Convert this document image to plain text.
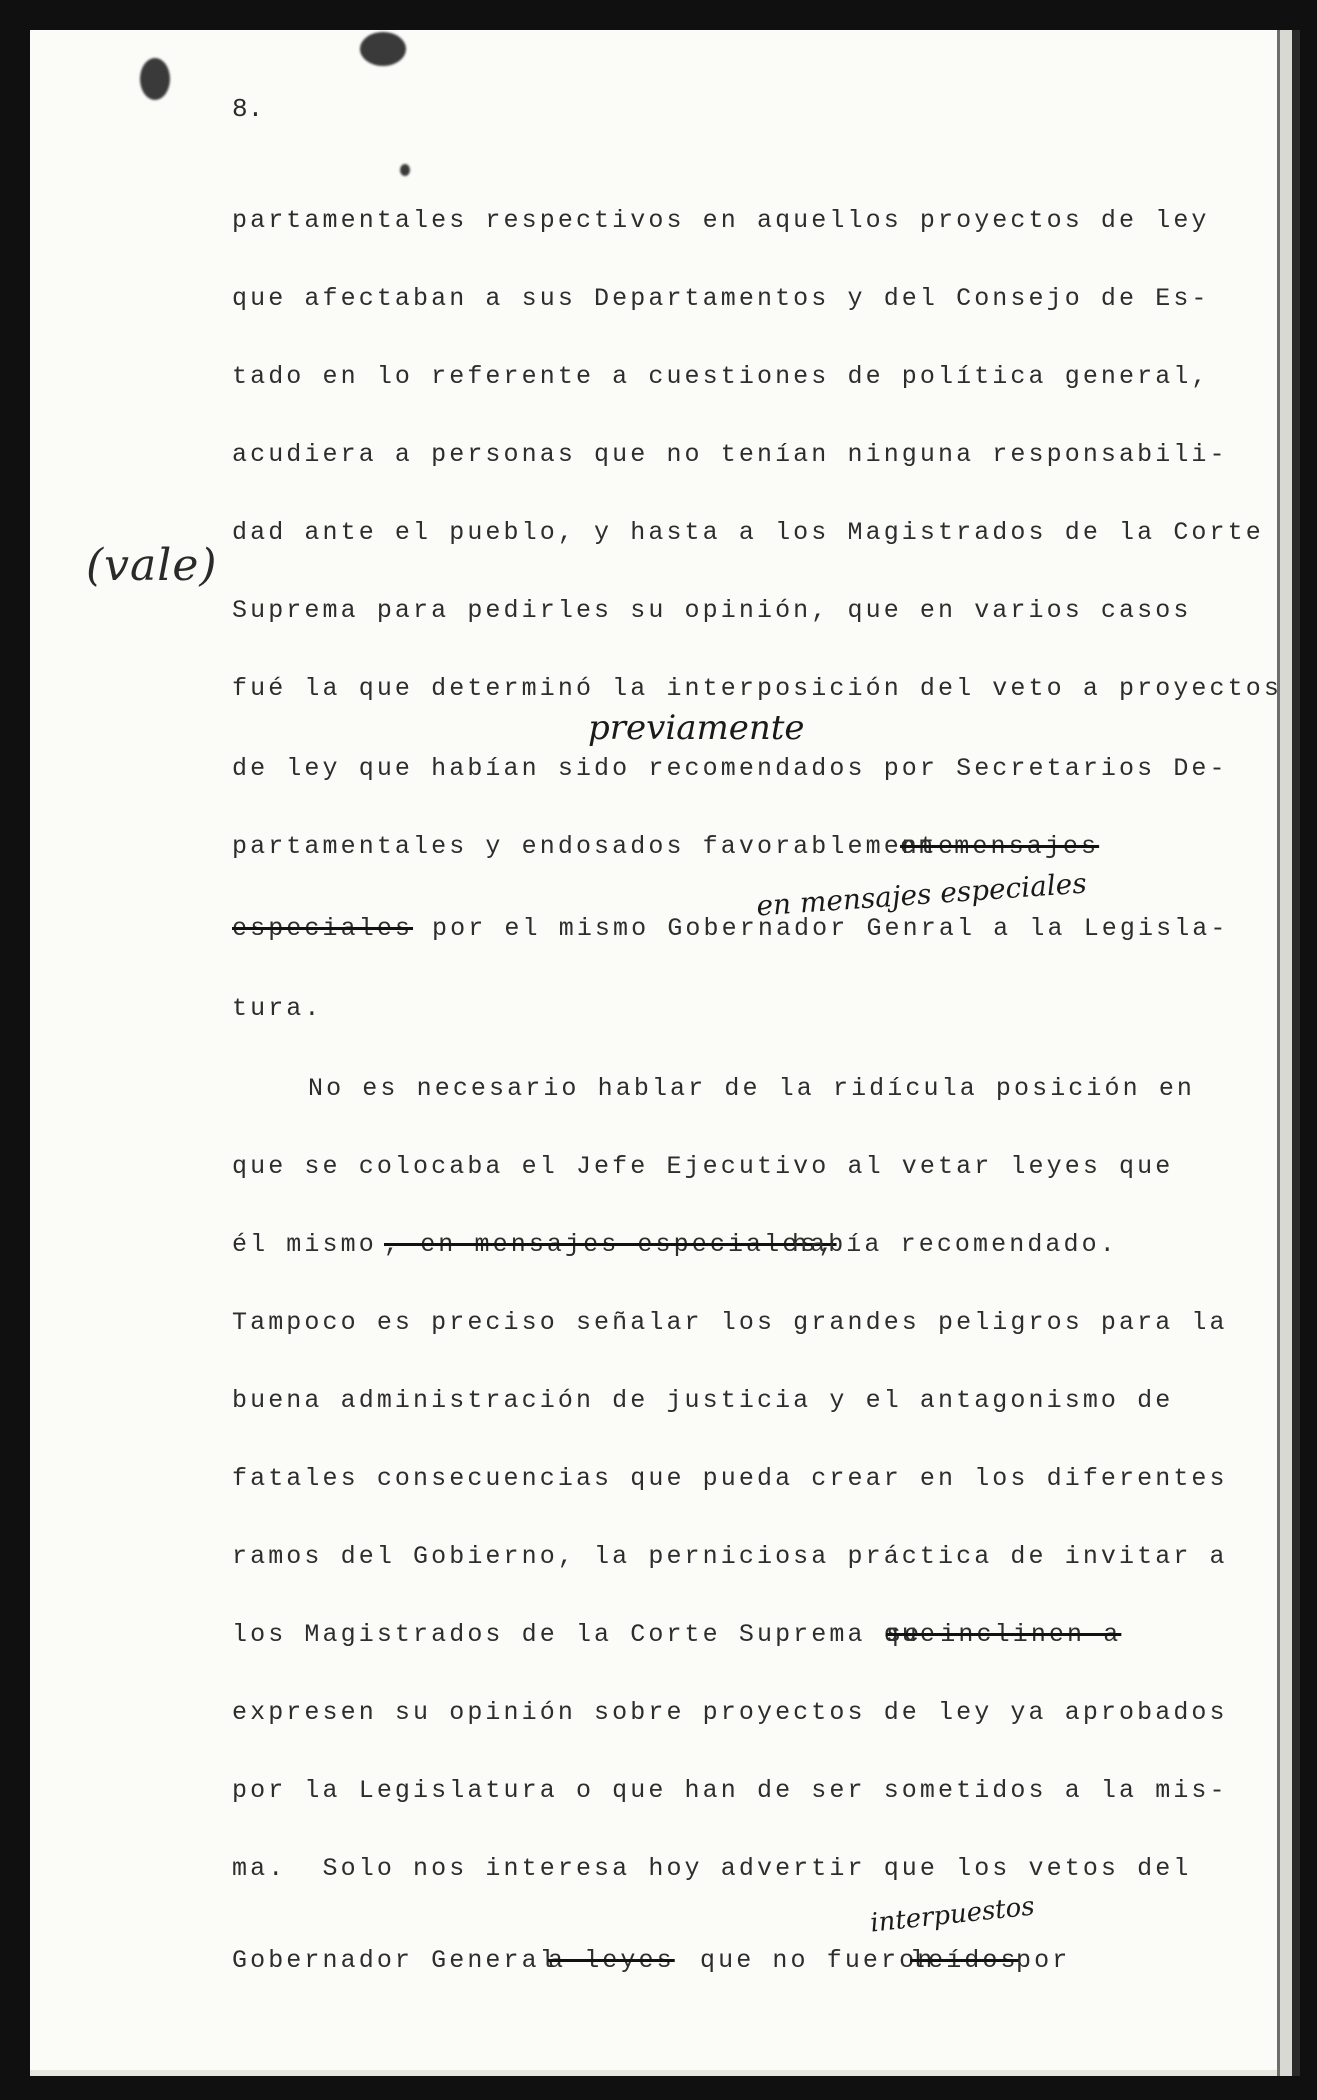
8.
(vale)
partamentales respectivos en aquellos proyectos de ley
que afectaban a sus Departamentos y del Consejo de Es-
tado en lo referente a cuestiones de política general,
acudiera a personas que no tenían ninguna responsabili-
dad ante el pueblo, y hasta a los Magistrados de la Corte
Suprema para pedirles su opinión, que en varios casos
fué la que determinó la interposición del veto a proyectos
previamente
de ley que habían sido recomendados por Secretarios De-
partamentales y endosados favorablemente
en mensajes
en mensajes especiales
especiales por el mismo Gobernador Genral a la Legisla-
tura.
No es necesario hablar de la ridícula posición en
que se colocaba el Jefe Ejecutivo al vetar leyes que
él mismo , en mensajes especiales,
había recomendado.
Tampoco es preciso señalar los grandes peligros para la
buena administración de justicia y el antagonismo de
fatales consecuencias que pueda crear en los diferentes
ramos del Gobierno, la perniciosa práctica de invitar a
los Magistrados de la Corte Suprema que
se inclinen a
expresen su opinión sobre proyectos de ley ya aprobados
por la Legislatura o que han de ser sometidos a la mis-
ma.  Solo nos interesa hoy advertir que los vetos del
interpuestos
Gobernador General
a leyes que no fueron
leídos
por
